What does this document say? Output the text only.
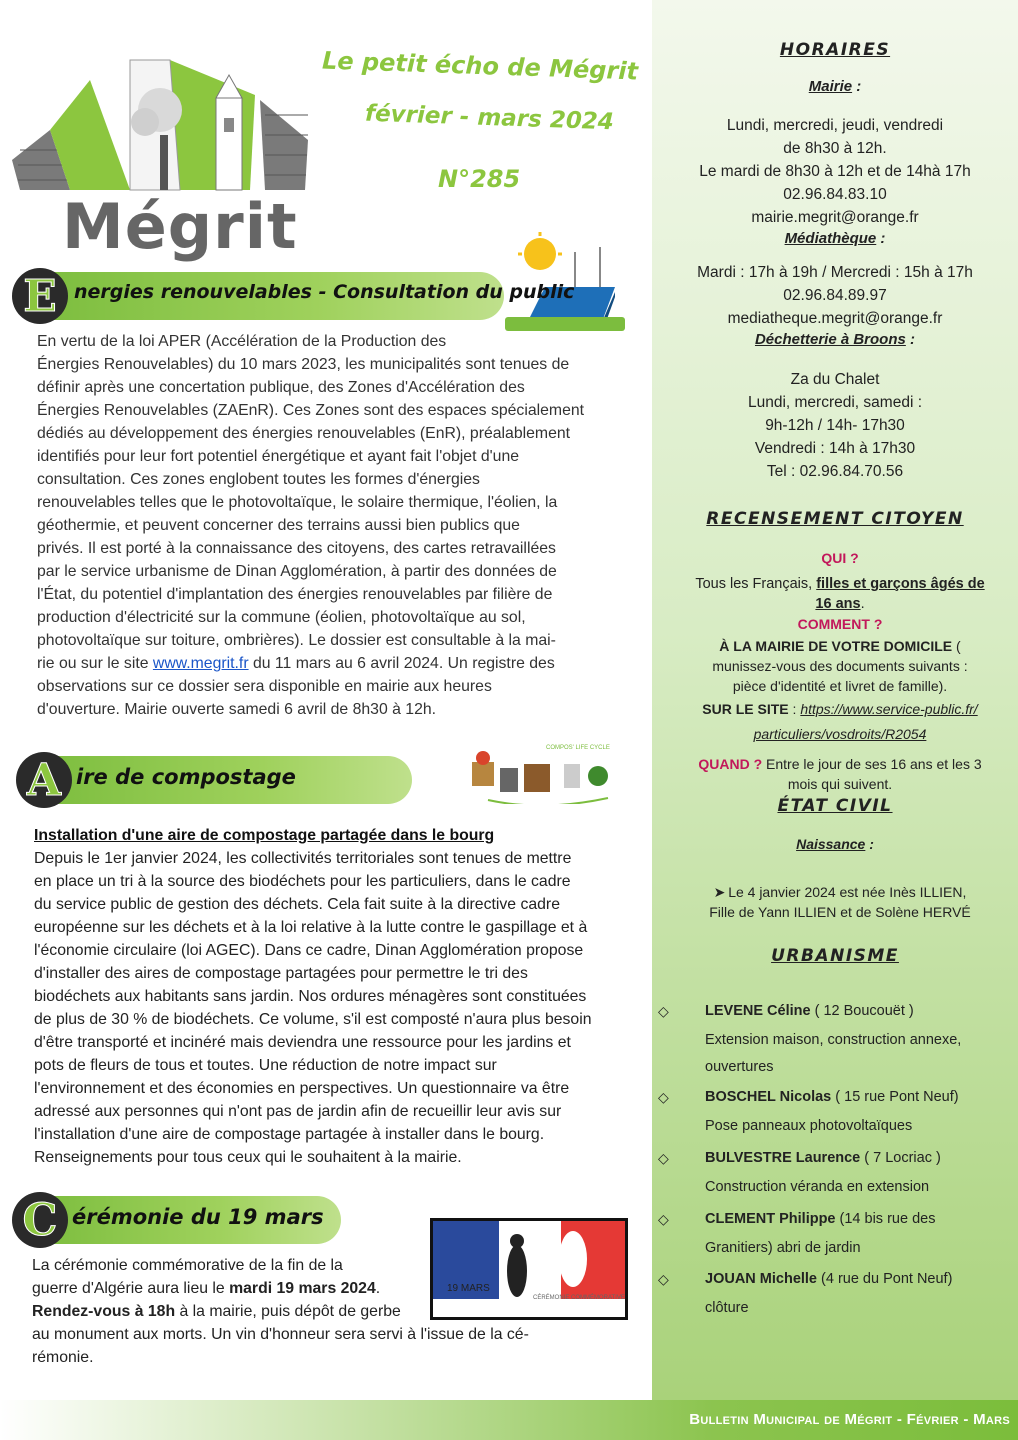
Mégrit
Le petit écho de Mégrit
février - mars 2024
N°285
E nergies renouvelables - Consultation du public
En vertu de la loi APER (Accélération de la Production des
Énergies Renouvelables) du 10 mars 2023, les municipalités sont tenues de
définir après une concertation publique, des Zones d'Accélération des
Énergies Renouvelables (ZAEnR). Ces Zones sont des espaces spécialement
dédiés au développement des énergies renouvelables (EnR), préalablement
identifiés pour leur fort potentiel énergétique et ayant fait l'objet d'une
consultation. Ces zones englobent toutes les formes d'énergies
renouvelables telles que le photovoltaïque, le solaire thermique, l'éolien, la
géothermie, et peuvent concerner des terrains aussi bien publics que
privés. Il est porté à la connaissance des citoyens, des cartes retravaillées
par le service urbanisme de Dinan Agglomération, à partir des données de
l'État, du potentiel d'implantation des énergies renouvelables par filière de
production d'électricité sur la commune (éolien, photovoltaïque au sol,
photovoltaïque sur toiture, ombrières). Le dossier est consultable à la mai-
rie ou sur le site www.megrit.fr du 11 mars au 6 avril 2024. Un registre des
observations sur ce dossier sera disponible en mairie aux heures
d'ouverture. Mairie ouverte samedi 6 avril de 8h30 à 12h.
A ire de compostage
COMPOS' LIFE CYCLE
Installation d'une aire de compostage partagée dans le bourg
Depuis le 1er janvier 2024, les collectivités territoriales sont tenues de mettre
en place un tri à la source des biodéchets pour les particuliers, dans le cadre
du service public de gestion des déchets. Cela fait suite à la directive cadre
européenne sur les déchets et à la loi relative à la lutte contre le gaspillage et à
l'économie circulaire (loi AGEC). Dans ce cadre, Dinan Agglomération propose
d'installer des aires de compostage partagées pour permettre le tri des
biodéchets aux habitants sans jardin. Nos ordures ménagères sont constituées
de plus de 30 % de biodéchets. Ce volume, s'il est composté n'aura plus besoin
d'être transporté et incinéré mais deviendra une ressource pour les jardins et
pots de fleurs de tous et toutes. Une réduction de notre impact sur
l'environnement et des économies en perspectives. Un questionnaire va être
adressé aux personnes qui n'ont pas de jardin afin de recueillir leur avis sur
l'installation d'une aire de compostage partagée à installer dans le bourg.
Renseignements pour tous ceux qui le souhaitent à la mairie.
C érémonie du 19 mars
19 MARS
CÉRÉMONIE COMMÉMORATIVE
La cérémonie commémorative de la fin de la
guerre d'Algérie aura lieu le mardi 19 mars 2024.
Rendez-vous à 18h à la mairie, puis dépôt de gerbe
au monument aux morts. Un vin d'honneur sera servi à l'issue de la cé-
rémonie.
HORAIRES
Mairie :
Lundi, mercredi, jeudi, vendredi
de 8h30 à 12h.
Le mardi de 8h30 à 12h et de 14hà 17h
02.96.84.83.10
mairie.megrit@orange.fr
Médiathèque :
Mardi : 17h à 19h / Mercredi : 15h à 17h
02.96.84.89.97
mediatheque.megrit@orange.fr
Déchetterie à Broons :
Za du Chalet
Lundi, mercredi, samedi :
9h-12h / 14h- 17h30
Vendredi : 14h à 17h30
Tel : 02.96.84.70.56
RECENSEMENT CITOYEN
QUI ?
Tous les Français, filles et garçons âgés de
16 ans.
COMMENT ?
À LA MAIRIE DE VOTRE DOMICILE (
munissez-vous des documents suivants :
pièce d'identité et livret de famille).
SUR LE SITE : https://www.service-public.fr/
particuliers/vosdroits/R2054
QUAND ? Entre le jour de ses 16 ans et les 3
mois qui suivent.
ÉTAT CIVIL
Naissance :
➤ Le 4 janvier 2024 est née Inès ILLIEN,
Fille de Yann ILLIEN et de Solène HERVÉ
URBANISME
◇ LEVENE Céline ( 12 Boucouët )
Extension maison, construction annexe,
ouvertures
◇ BOSCHEL Nicolas ( 15 rue Pont Neuf)
Pose panneaux photovoltaïques
◇ BULVESTRE Laurence ( 7 Locriac )
Construction véranda en extension
◇ CLEMENT Philippe (14 bis rue des
Granitiers) abri de jardin
◇ JOUAN Michelle (4 rue du Pont Neuf)
clôture
Bulletin Municipal de Mégrit - Février - Mars
